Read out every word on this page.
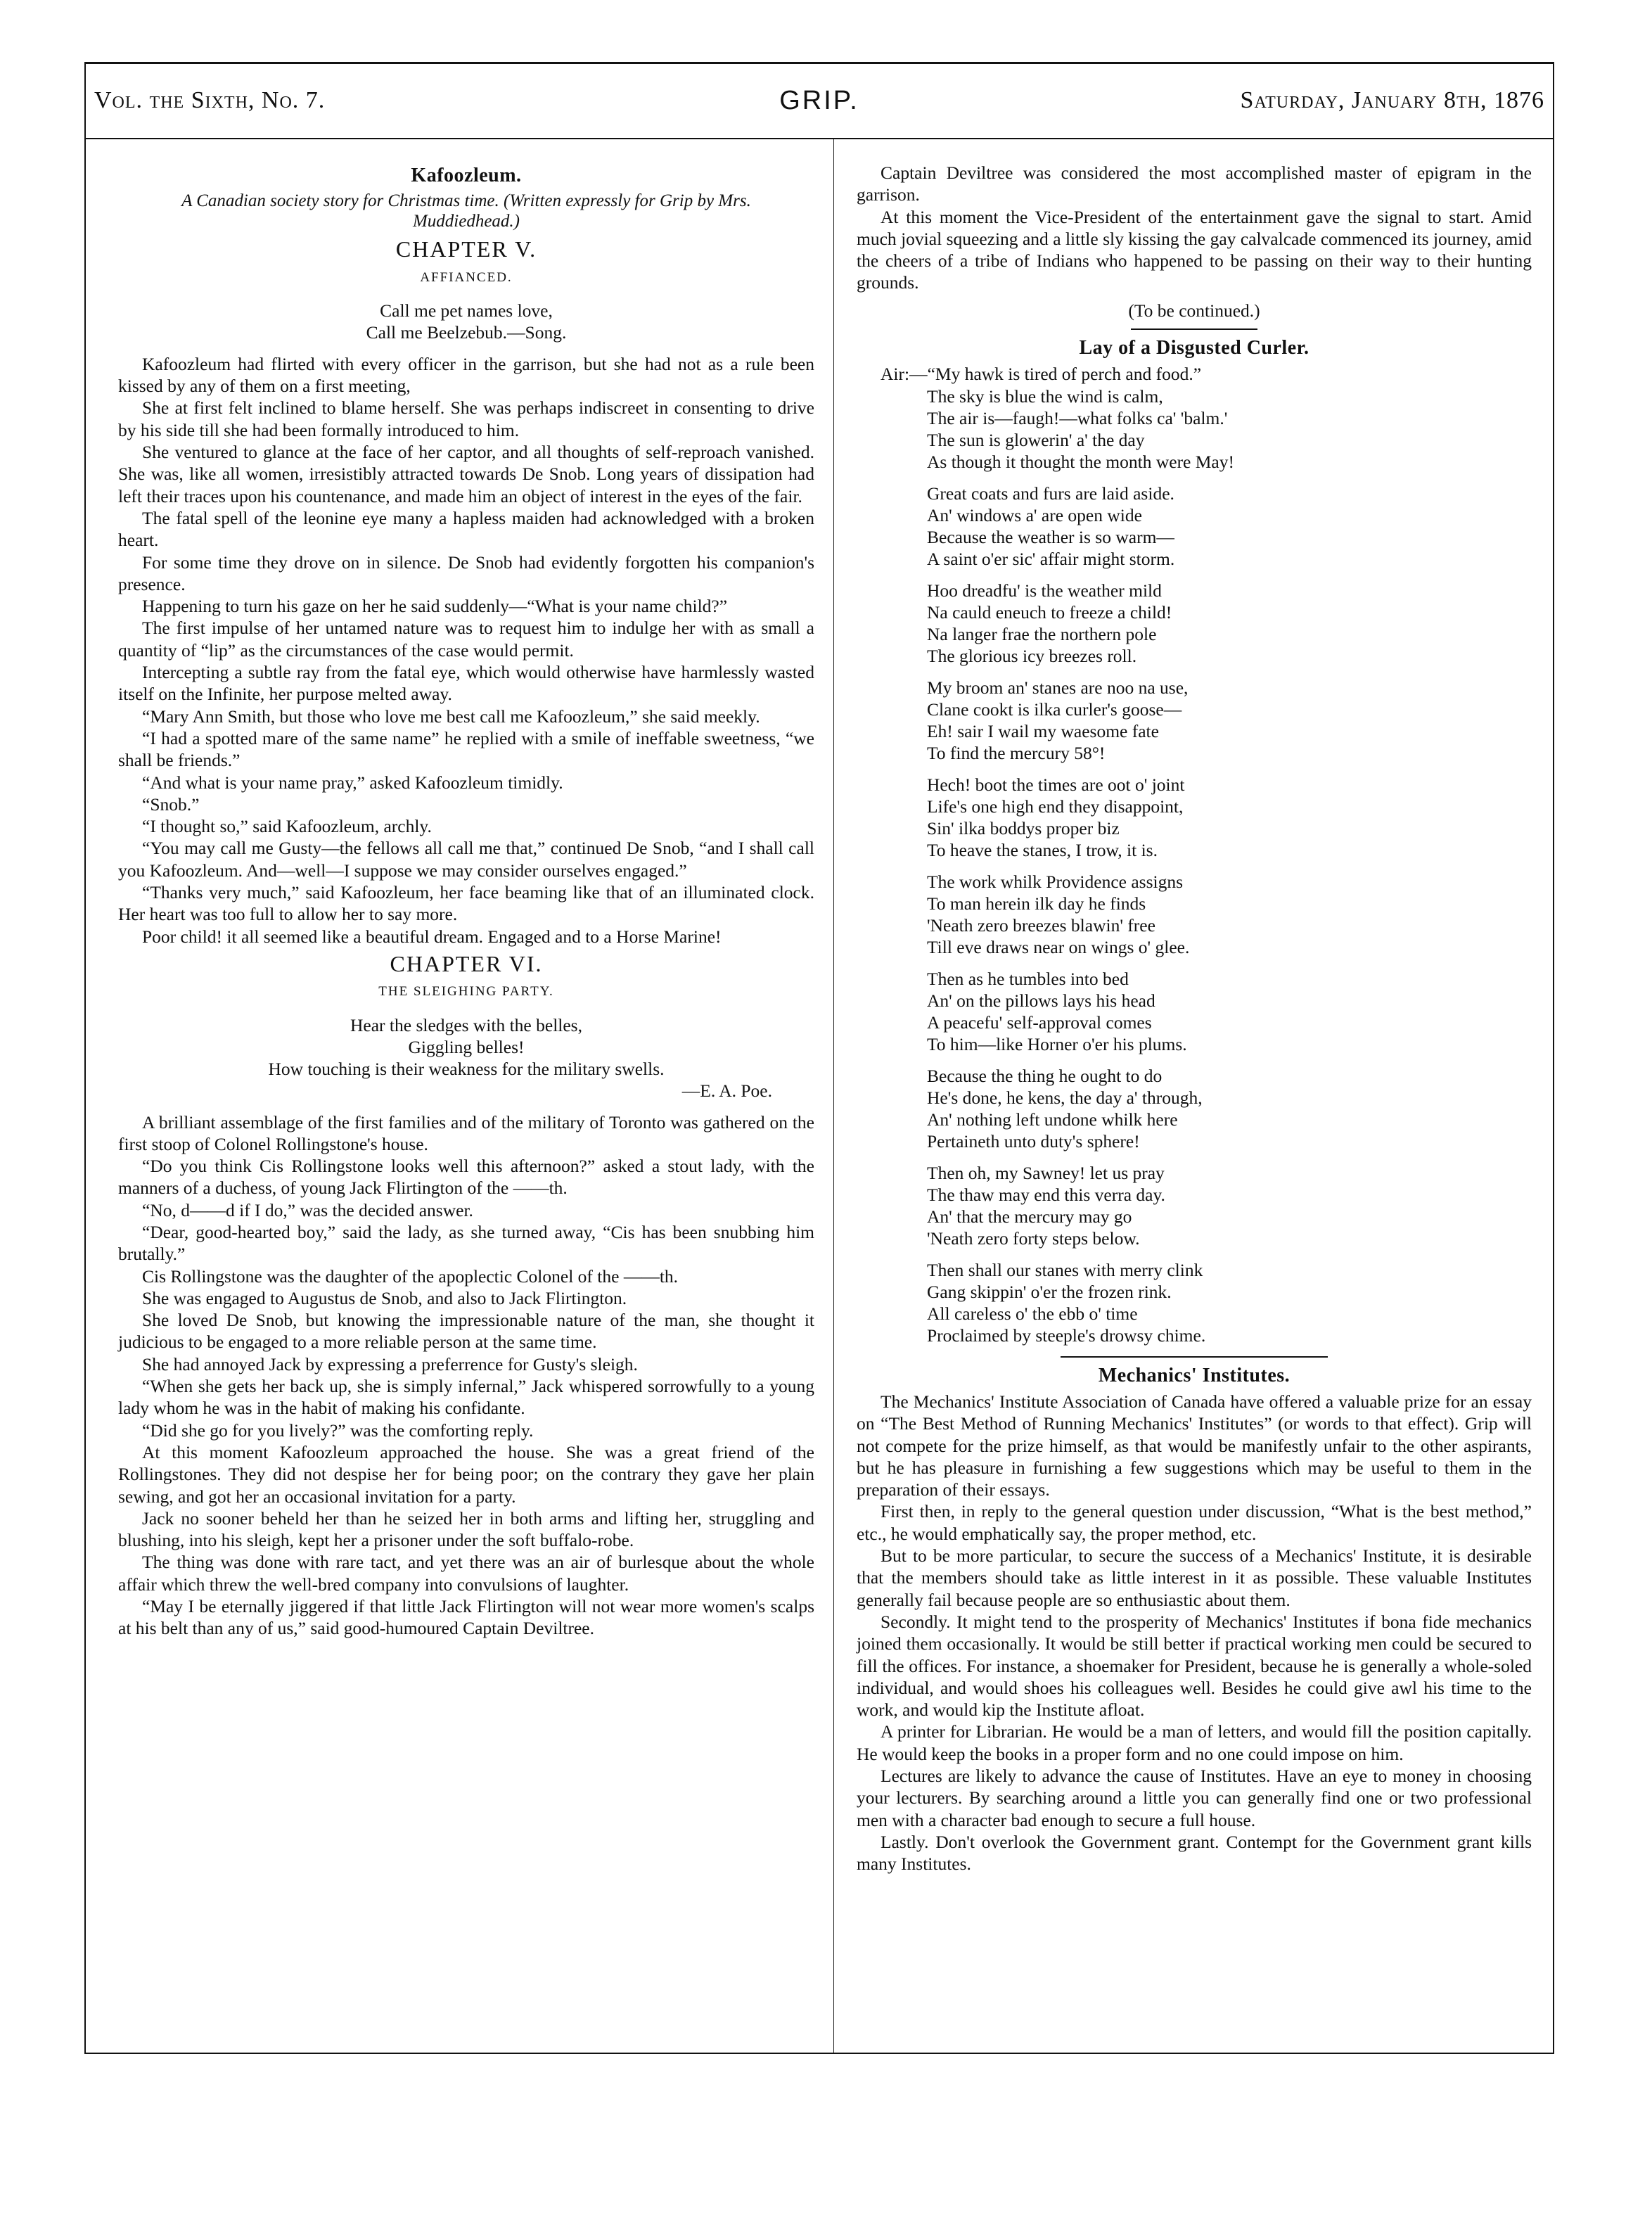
Vol. the Sixth, No. 7.	GRIP.	Saturday, January 8th, 1876
Kafoozleum.
A Canadian society story for Christmas time. (Written expressly for Grip by Mrs. Muddiedhead.)
CHAPTER V.
AFFIANCED.
Call me pet names love,
Call me Beelzebub.—Song.

Kafoozleum had flirted with every officer in the garrison, but she had not as a rule been kissed by any of them on a first meeting,

She at first felt inclined to blame herself. She was perhaps indiscreet in consenting to drive by his side till she had been formally introduced to him.

She ventured to glance at the face of her captor, and all thoughts of self-reproach vanished. She was, like all women, irresistibly attracted towards De Snob. Long years of dissipation had left their traces upon his countenance, and made him an object of interest in the eyes of the fair.

The fatal spell of the leonine eye many a hapless maiden had acknowledged with a broken heart.

For some time they drove on in silence. De Snob had evidently forgotten his companion's presence.

Happening to turn his gaze on her he said suddenly—“What is your name child?”

The first impulse of her untamed nature was to request him to indulge her with as small a quantity of “lip” as the circumstances of the case would permit.

Intercepting a subtle ray from the fatal eye, which would otherwise have harmlessly wasted itself on the Infinite, her purpose melted away.

“Mary Ann Smith, but those who love me best call me Kafoozleum,” she said meekly.

“I had a spotted mare of the same name” he replied with a smile of ineffable sweetness, “we shall be friends.”

“And what is your name pray,” asked Kafoozleum timidly.

“Snob.”

“I thought so,” said Kafoozleum, archly.

“You may call me Gusty—the fellows all call me that,” continued De Snob, “and I shall call you Kafoozleum. And—well—I suppose we may consider ourselves engaged.”

“Thanks very much,” said Kafoozleum, her face beaming like that of an illuminated clock. Her heart was too full to allow her to say more.

Poor child! it all seemed like a beautiful dream. Engaged and to a Horse Marine!

CHAPTER VI.
THE SLEIGHING PARTY.
Hear the sledges with the belles,
Giggling belles!
How touching is their weakness for the military swells.
—E. A. Poe.

A brilliant assemblage of the first families and of the military of Toronto was gathered on the first stoop of Colonel Rollingstone's house.

“Do you think Cis Rollingstone looks well this afternoon?” asked a stout lady, with the manners of a duchess, of young Jack Flirtington of the ——th.

“No, d——d if I do,” was the decided answer.

“Dear, good-hearted boy,” said the lady, as she turned away, “Cis has been snubbing him brutally.”

Cis Rollingstone was the daughter of the apoplectic Colonel of the ——th.

She was engaged to Augustus de Snob, and also to Jack Flirtington.

She loved De Snob, but knowing the impressionable nature of the man, she thought it judicious to be engaged to a more reliable person at the same time.

She had annoyed Jack by expressing a preferrence for Gusty's sleigh.

“When she gets her back up, she is simply infernal,” Jack whispered sorrowfully to a young lady whom he was in the habit of making his confidante.

“Did she go for you lively?” was the comforting reply.

At this moment Kafoozleum approached the house. She was a great friend of the Rollingstones. They did not despise her for being poor; on the contrary they gave her plain sewing, and got her an occasional invitation for a party.

Jack no sooner beheld her than he seized her in both arms and lifting her, struggling and blushing, into his sleigh, kept her a prisoner under the soft buffalo-robe.

The thing was done with rare tact, and yet there was an air of burlesque about the whole affair which threw the well-bred company into convulsions of laughter.

“May I be eternally jiggered if that little Jack Flirtington will not wear more women's scalps at his belt than any of us,” said good-humoured Captain Deviltree.

Captain Deviltree was considered the most accomplished master of epigram in the garrison.

At this moment the Vice-President of the entertainment gave the signal to start. Amid much jovial squeezing and a little sly kissing the gay calvalcade commenced its journey, amid the cheers of a tribe of Indians who happened to be passing on their way to their hunting grounds.

(To be continued.)
Lay of a Disgusted Curler.

Air:—“My hawk is tired of perch and food.”

The sky is blue the wind is calm,
The air is—faugh!—what folks ca' 'balm.'
The sun is glowerin' a' the day
As though it thought the month were May!
Great coats and furs are laid aside.
An' windows a' are open wide
Because the weather is so warm—
A saint o'er sic' affair might storm.
Hoo dreadfu' is the weather mild
Na cauld eneuch to freeze a child!
Na langer frae the northern pole
The glorious icy breezes roll.
My broom an' stanes are noo na use,
Clane cookt is ilka curler's goose—
Eh! sair I wail my waesome fate
To find the mercury 58°!
Hech! boot the times are oot o' joint
Life's one high end they disappoint,
Sin' ilka boddys proper biz
To heave the stanes, I trow, it is.
The work whilk Providence assigns
To man herein ilk day he finds
'Neath zero breezes blawin' free
Till eve draws near on wings o' glee.
Then as he tumbles into bed
An' on the pillows lays his head
A peacefu' self-approval comes
To him—like Horner o'er his plums.
Because the thing he ought to do
He's done, he kens, the day a' through,
An' nothing left undone whilk here
Pertaineth unto duty's sphere!
Then oh, my Sawney! let us pray
The thaw may end this verra day.
An' that the mercury may go
'Neath zero forty steps below.
Then shall our stanes with merry clink
Gang skippin' o'er the frozen rink.
All careless o' the ebb o' time
Proclaimed by steeple's drowsy chime.
Mechanics' Institutes.

The Mechanics' Institute Association of Canada have offered a valuable prize for an essay on “The Best Method of Running Mechanics' Institutes” (or words to that effect). Grip will not compete for the prize himself, as that would be manifestly unfair to the other aspirants, but he has pleasure in furnishing a few suggestions which may be useful to them in the preparation of their essays.

First then, in reply to the general question under discussion, “What is the best method,” etc., he would emphatically say, the proper method, etc.

But to be more particular, to secure the success of a Mechanics' Institute, it is desirable that the members should take as little interest in it as possible. These valuable Institutes generally fail because people are so enthusiastic about them.

Secondly. It might tend to the prosperity of Mechanics' Institutes if bona fide mechanics joined them occasionally. It would be still better if practical working men could be secured to fill the offices. For instance, a shoemaker for President, because he is generally a whole-soled individual, and would shoes his colleagues well. Besides he could give awl his time to the work, and would kip the Institute afloat.

A printer for Librarian. He would be a man of letters, and would fill the position capitally. He would keep the books in a proper form and no one could impose on him.

Lectures are likely to advance the cause of Institutes. Have an eye to money in choosing your lecturers. By searching around a little you can generally find one or two professional men with a character bad enough to secure a full house.

Lastly. Don't overlook the Government grant. Contempt for the Government grant kills many Institutes.
